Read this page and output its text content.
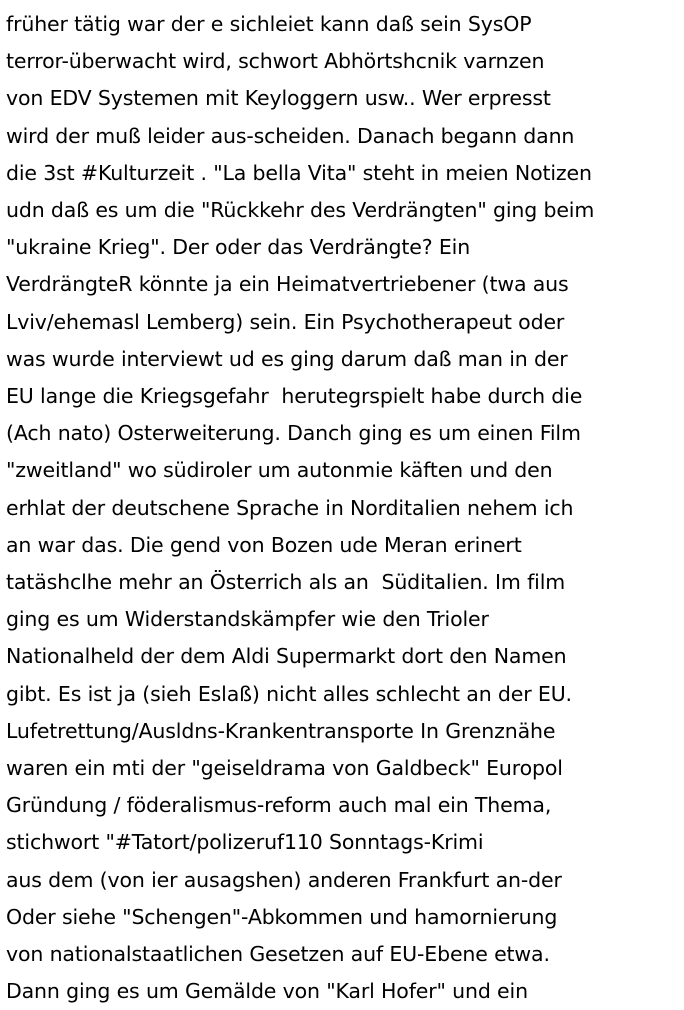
früher tätig war der e sichleiet kann daß sein SysOP
terror-überwacht wird, schwort Abhörtshcnik varnzen
von EDV Systemen mit Keyloggern usw.. Wer erpresst
wird der muß leider aus-scheiden. Danach begann dann
die 3st #Kulturzeit . "La bella Vita" steht in meien Notizen
udn daß es um die "Rückkehr des Verdrängten" ging beim
"ukraine Krieg". Der oder das Verdrängte? Ein
VerdrängteR könnte ja ein Heimatvertriebener (twa aus
Lviv/ehemasl Lemberg) sein. Ein Psychotherapeut oder
was wurde interviewt ud es ging darum daß man in der
EU lange die Kriegsgefahr  herutegrspielt habe durch die
(Ach nato) Osterweiterung. Danch ging es um einen Film
"zweitland" wo südiroler um autonmie käften und den
erhlat der deutschene Sprache in Norditalien nehem ich
an war das. Die gend von Bozen ude Meran erinert
tatäshclhe mehr an Österrich als an  Süditalien. Im film
ging es um Widerstandskämpfer wie den Trioler
Nationalheld der dem Aldi Supermarkt dort den Namen
gibt. Es ist ja (sieh Eslaß) nicht alles schlecht an der EU.
Lufetrettung/Ausldns-Krankentransporte In Grenznähe
waren ein mti der "geiseldrama von Galdbeck" Europol
Gründung / föderalismus-reform auch mal ein Thema,
stichwort "#Tatort/polizeruf110 Sonntags-Krimi
aus dem (von ier ausagshen) anderen Frankfurt an-der
Oder siehe "Schengen"-Abkommen und hamornierung
von nationalstaatlichen Gesetzen auf EU-Ebene etwa.
Dann ging es um Gemälde von "Karl Hofer" und ein
